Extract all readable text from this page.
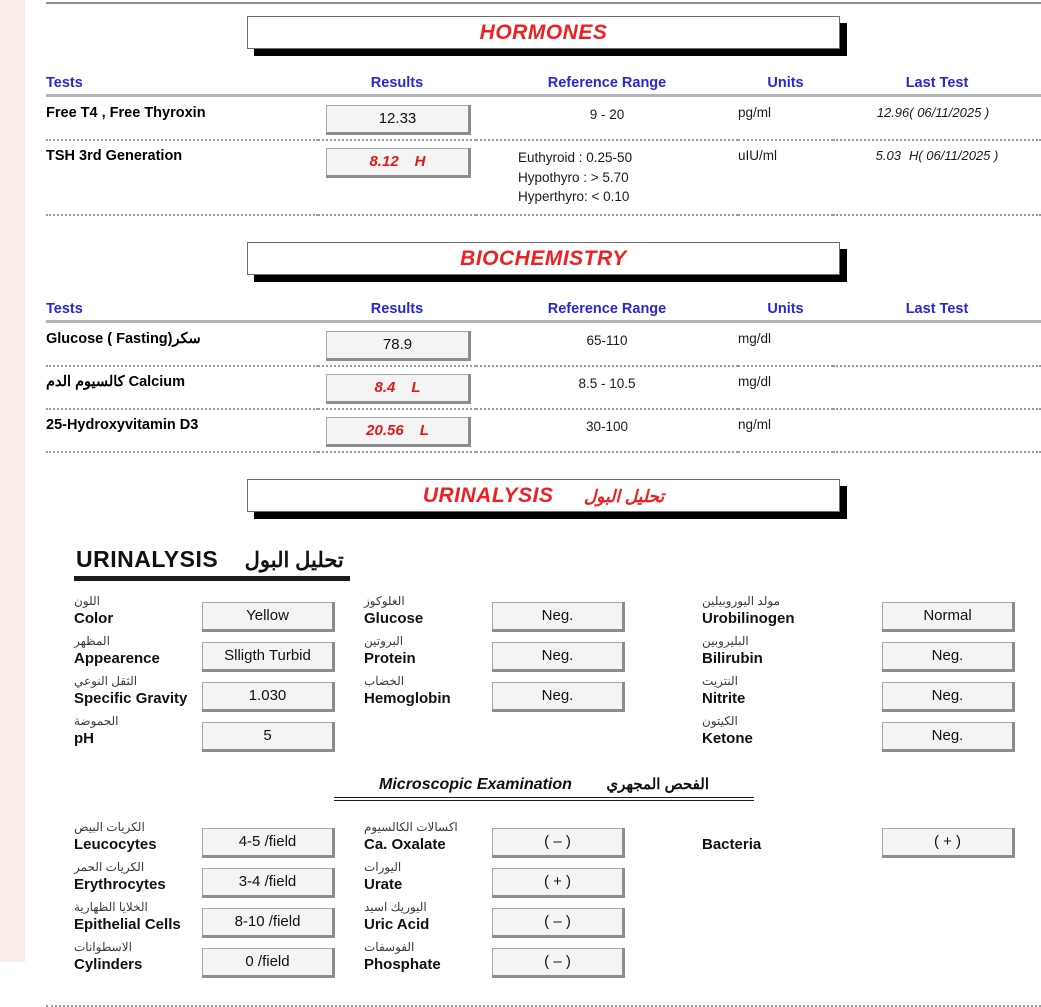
HORMONES
Tests	Results	Reference Range	Units	Last Test

Free T4 , Free Thyroxin	12.33	9 - 20	pg/ml	12.96( 06/11/2025 )
TSH 3rd Generation	8.12 H	Euthyroid : 0.25-50
Hypothyro : > 5.70
Hyperthyro: < 0.10	uIU/ml	5.03 H( 06/11/2025 )
BIOCHEMISTRY
Tests	Results	Reference Range	Units	Last Test

Glucose ( Fasting)سكر	78.9	65-110	mg/dl	
كالسيوم الدم Calcium	8.4 L	8.5 - 10.5	mg/dl	
25-Hydroxyvitamin D3	20.56 L	30-100	ng/ml	
URINALYSIS تحليل البول
URINALYSIS تحليل البول
اللون
Color	Yellow
المظهر
Appearence	Slligth Turbid
الثقل النوعي
Specific Gravity	1.030
الحموضة
pH	5
الغلوكوز
Glucose	Neg.
البروتين
Protein	Neg.
الخضاب
Hemoglobin	Neg.
مولد اليوروبيلين
Urobilinogen	Normal
البليروبين
Bilirubin	Neg.
النتريت
Nitrite	Neg.
الكيتون
Ketone	Neg.
Microscopic Examination الفحص المجهري
الكريات البيض
Leucocytes	4-5 /field
الكريات الحمر
Erythrocytes	3-4 /field
الخلايا الظهارية
Epithelial Cells	8-10 /field
الاسطوانات
Cylinders	0 /field
اكسالات الكالسيوم
Ca. Oxalate	( – )
اليورات
Urate	( + )
اليوريك اسيد
Uric Acid	( – )
الفوسفات
Phosphate	( – )
Bacteria	( + )
